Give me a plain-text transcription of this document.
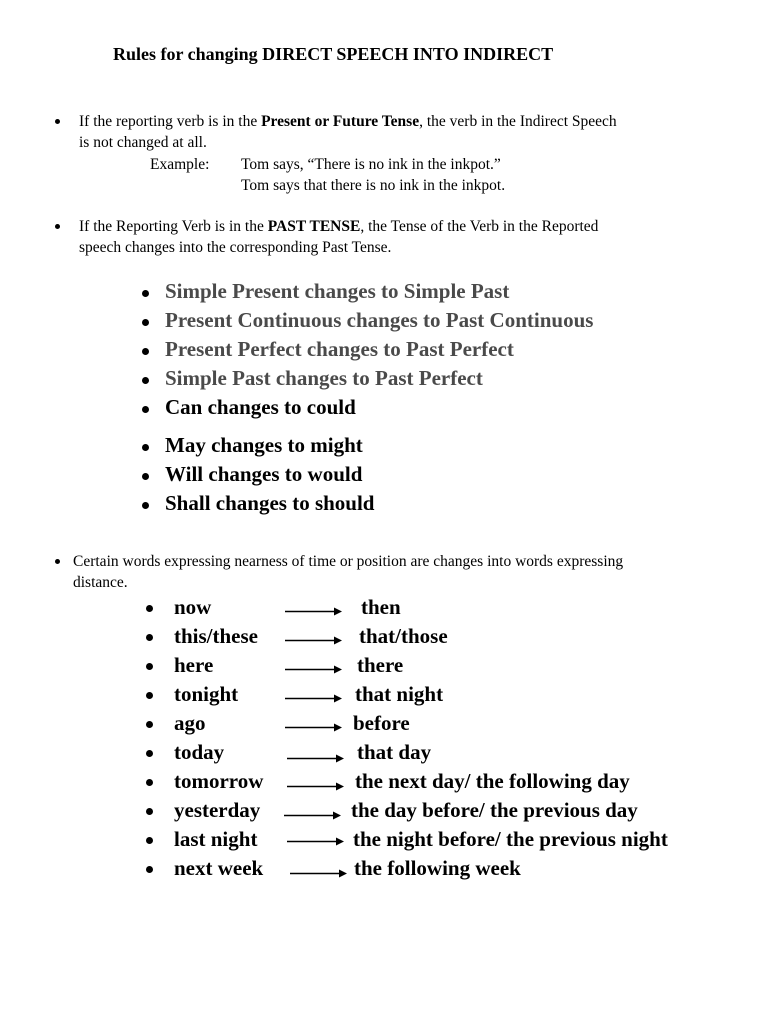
Rules for changing DIRECT SPEECH INTO INDIRECT
If the reporting verb is in the Present or Future Tense, the verb in the Indirect Speech
is not changed at all.
Example: Tom says, “There is no ink in the inkpot.”
Tom says that there is no ink in the inkpot.
If the Reporting Verb is in the PAST TENSE, the Tense of the Verb in the Reported
speech changes into the corresponding Past Tense.
Simple Present changes to Simple Past
Present Continuous changes to Past Continuous
Present Perfect changes to Past Perfect
Simple Past changes to Past Perfect
Can changes to could
May changes to might
Will changes to would
Shall changes to should
Certain words expressing nearness of time or position are changes into words expressing
distance.
now	then
this/these	that/those
here	there
tonight	that night
ago	before
today	that day
tomorrow	the next day/ the following day
yesterday	the day before/ the previous day
last night	the night before/ the previous night
next week	the following week
